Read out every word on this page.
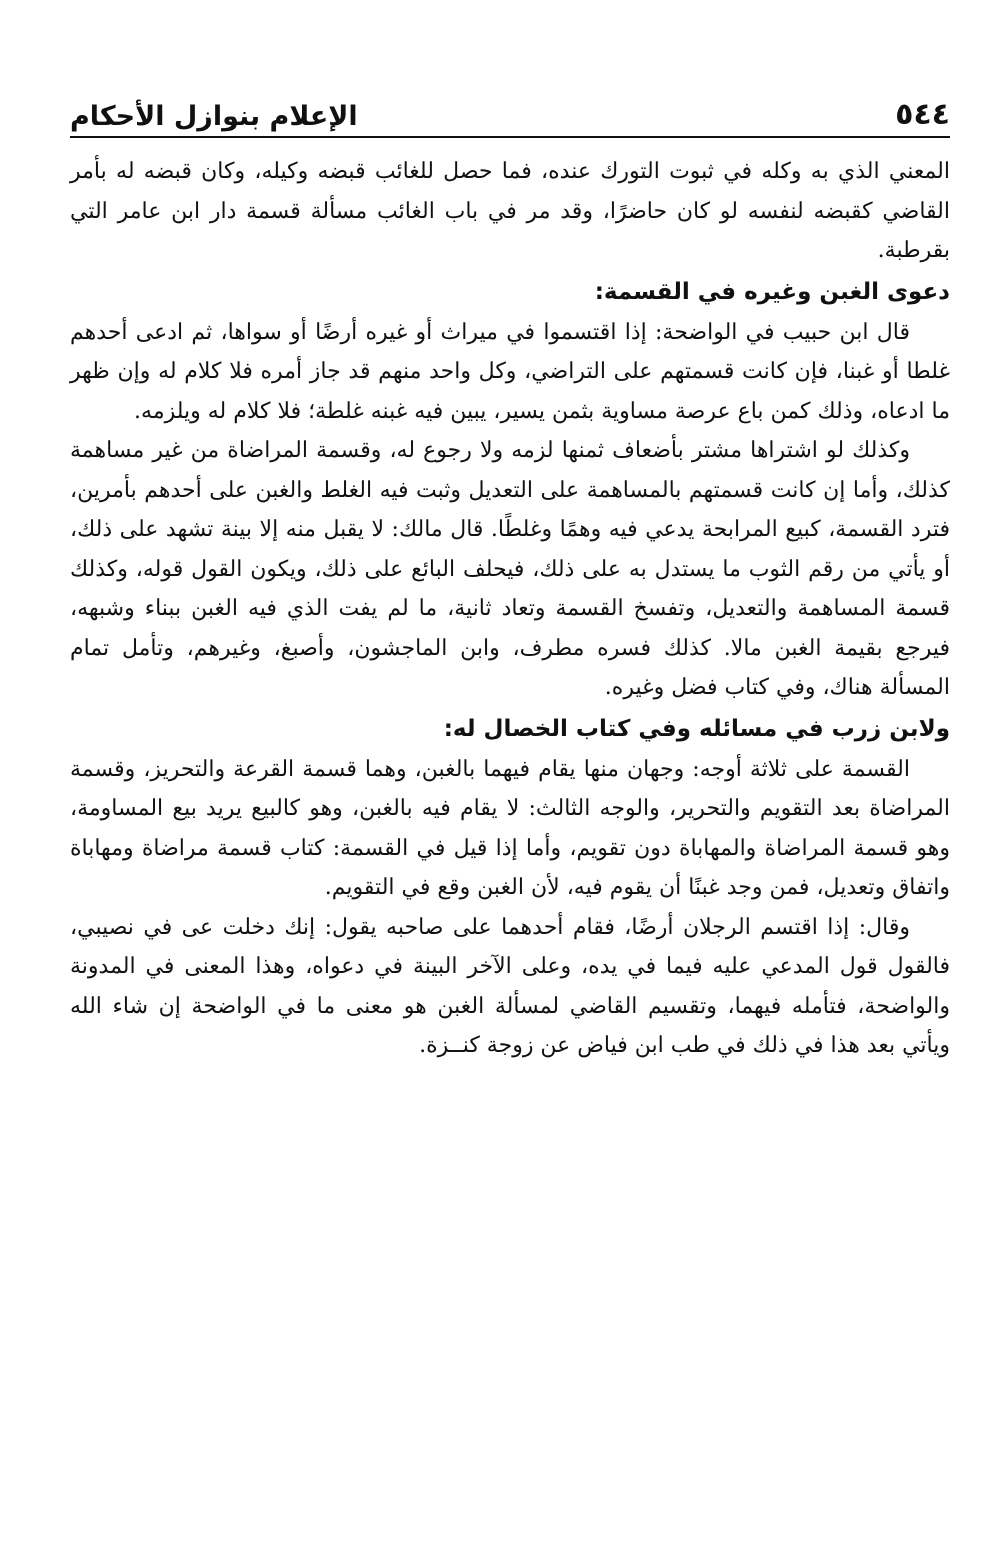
٥٤٤
الإعلام بنوازل الأحكام

المعني الذي به وكله في ثبوت التورك عنده، فما حصل للغائب قبضه وكيله، وكان قبضه له بأمر القاضي كقبضه لنفسه لو كان حاضرًا، وقد مر في باب الغائب مسألة قسمة دار ابن عامر التي بقرطبة.

دعوى الغبن وغيره في القسمة:

قال ابن حبيب في الواضحة: إذا اقتسموا في ميراث أو غيره أرضًا أو سواها، ثم ادعى أحدهم غلطا أو غبنا، فإن كانت قسمتهم على التراضي، وكل واحد منهم قد جاز أمره فلا كلام له وإن ظهر ما ادعاه، وذلك كمن باع عرصة مساوية بثمن يسير، يبين فيه غبنه غلطة؛ فلا كلام له ويلزمه.

وكذلك لو اشتراها مشتر بأضعاف ثمنها لزمه ولا رجوع له، وقسمة المراضاة من غير مساهمة كذلك، وأما إن كانت قسمتهم بالمساهمة على التعديل وثبت فيه الغلط والغبن على أحدهم بأمرين، فترد القسمة، كبيع المرابحة يدعي فيه وهمًا وغلطًا. قال مالك: لا يقبل منه إلا بينة تشهد على ذلك، أو يأتي من رقم الثوب ما يستدل به على ذلك، فيحلف البائع على ذلك، ويكون القول قوله، وكذلك قسمة المساهمة والتعديل، وتفسخ القسمة وتعاد ثانية، ما لم يفت الذي فيه الغبن ببناء وشبهه، فيرجع بقيمة الغبن مالا. كذلك فسره مطرف، وابن الماجشون، وأصبغ، وغيرهم، وتأمل تمام المسألة هناك، وفي كتاب فضل وغيره.

ولابن زرب في مسائله وفي كتاب الخصال له:

القسمة على ثلاثة أوجه: وجهان منها يقام فيهما بالغبن، وهما قسمة القرعة والتحريز، وقسمة المراضاة بعد التقويم والتحرير، والوجه الثالث: لا يقام فيه بالغبن، وهو كالبيع يريد بيع المساومة، وهو قسمة المراضاة والمهاباة دون تقويم، وأما إذا قيل في القسمة: كتاب قسمة مراضاة ومهاباة واتفاق وتعديل، فمن وجد غبنًا أن يقوم فيه، لأن الغبن وقع في التقويم.

وقال: إذا اقتسم الرجلان أرضًا، فقام أحدهما على صاحبه يقول: إنك دخلت عى في نصيبي، فالقول قول المدعي عليه فيما في يده، وعلى الآخر البينة في دعواه، وهذا المعنى في المدونة والواضحة، فتأمله فيهما، وتقسيم القاضي لمسألة الغبن هو معنى ما في الواضحة إن شاء الله ويأتي بعد هذا في ذلك في طب ابن فياض عن زوجة كنــزة.
